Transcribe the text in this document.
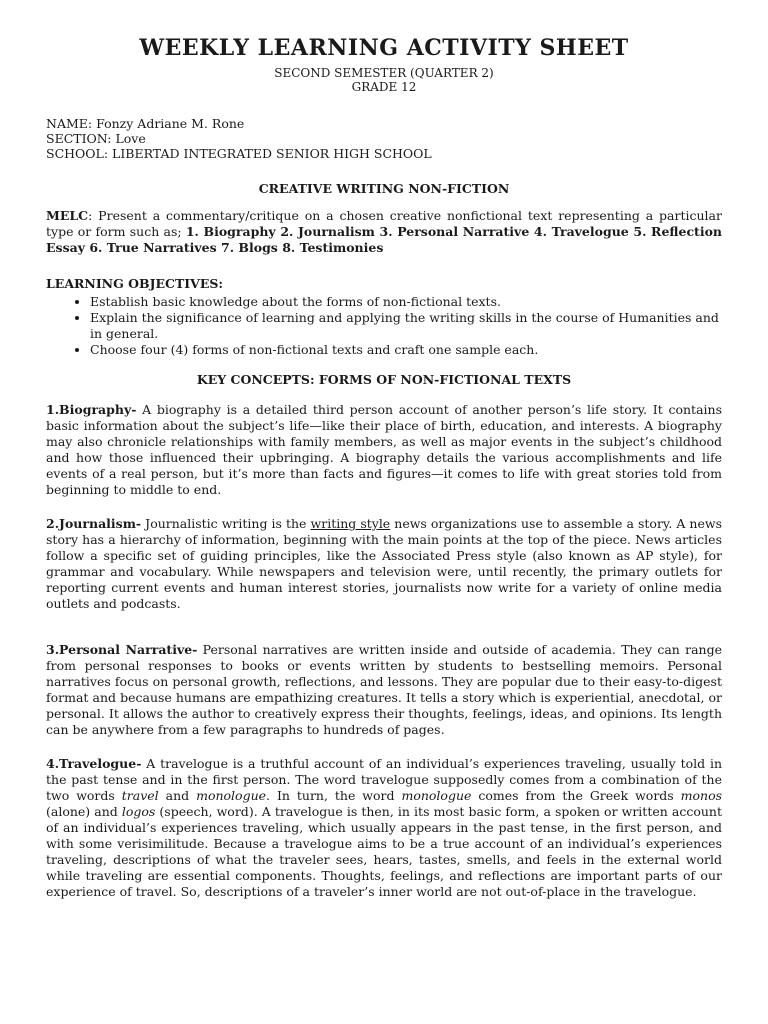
WEEKLY LEARNING ACTIVITY SHEET
SECOND SEMESTER (QUARTER 2)
GRADE 12
NAME: Fonzy Adriane M. Rone
SECTION: Love
SCHOOL: LIBERTAD INTEGRATED SENIOR HIGH SCHOOL
CREATIVE WRITING NON-FICTION

MELC: Present a commentary/critique on a chosen creative nonfictional text representing a particular type or form such as; 1. Biography 2. Journalism 3. Personal Narrative 4. Travelogue 5. Reflection Essay 6. True Narratives 7. Blogs 8. Testimonies

LEARNING OBJECTIVES:
• Establish basic knowledge about the forms of non-fictional texts.
• Explain the significance of learning and applying the writing skills in the course of Humanities and in general.
• Choose four (4) forms of non-fictional texts and craft one sample each.
KEY CONCEPTS: FORMS OF NON-FICTIONAL TEXTS

1.Biography- A biography is a detailed third person account of another person’s life story. It contains basic information about the subject’s life—like their place of birth, education, and interests. A biography may also chronicle relationships with family members, as well as major events in the subject’s childhood and how those influenced their upbringing. A biography details the various accomplishments and life events of a real person, but it’s more than facts and figures—it comes to life with great stories told from beginning to middle to end.

2.Journalism- Journalistic writing is the writing style news organizations use to assemble a story. A news story has a hierarchy of information, beginning with the main points at the top of the piece. News articles follow a specific set of guiding principles, like the Associated Press style (also known as AP style), for grammar and vocabulary. While newspapers and television were, until recently, the primary outlets for reporting current events and human interest stories, journalists now write for a variety of online media outlets and podcasts.

3.Personal Narrative- Personal narratives are written inside and outside of academia. They can range from personal responses to books or events written by students to bestselling memoirs. Personal narratives focus on personal growth, reflections, and lessons. They are popular due to their easy-to-digest format and because humans are empathizing creatures. It tells a story which is experiential, anecdotal, or personal. It allows the author to creatively express their thoughts, feelings, ideas, and opinions. Its length can be anywhere from a few paragraphs to hundreds of pages.

4.Travelogue- A travelogue is a truthful account of an individual’s experiences traveling, usually told in the past tense and in the first person. The word travelogue supposedly comes from a combination of the two words travel and monologue. In turn, the word monologue comes from the Greek words monos (alone) and logos (speech, word). A travelogue is then, in its most basic form, a spoken or written account of an individual’s experiences traveling, which usually appears in the past tense, in the first person, and with some verisimilitude. Because a travelogue aims to be a true account of an individual’s experiences traveling, descriptions of what the traveler sees, hears, tastes, smells, and feels in the external world while traveling are essential components. Thoughts, feelings, and reflections are important parts of our experience of travel. So, descriptions of a traveler’s inner world are not out-of-place in the travelogue.
